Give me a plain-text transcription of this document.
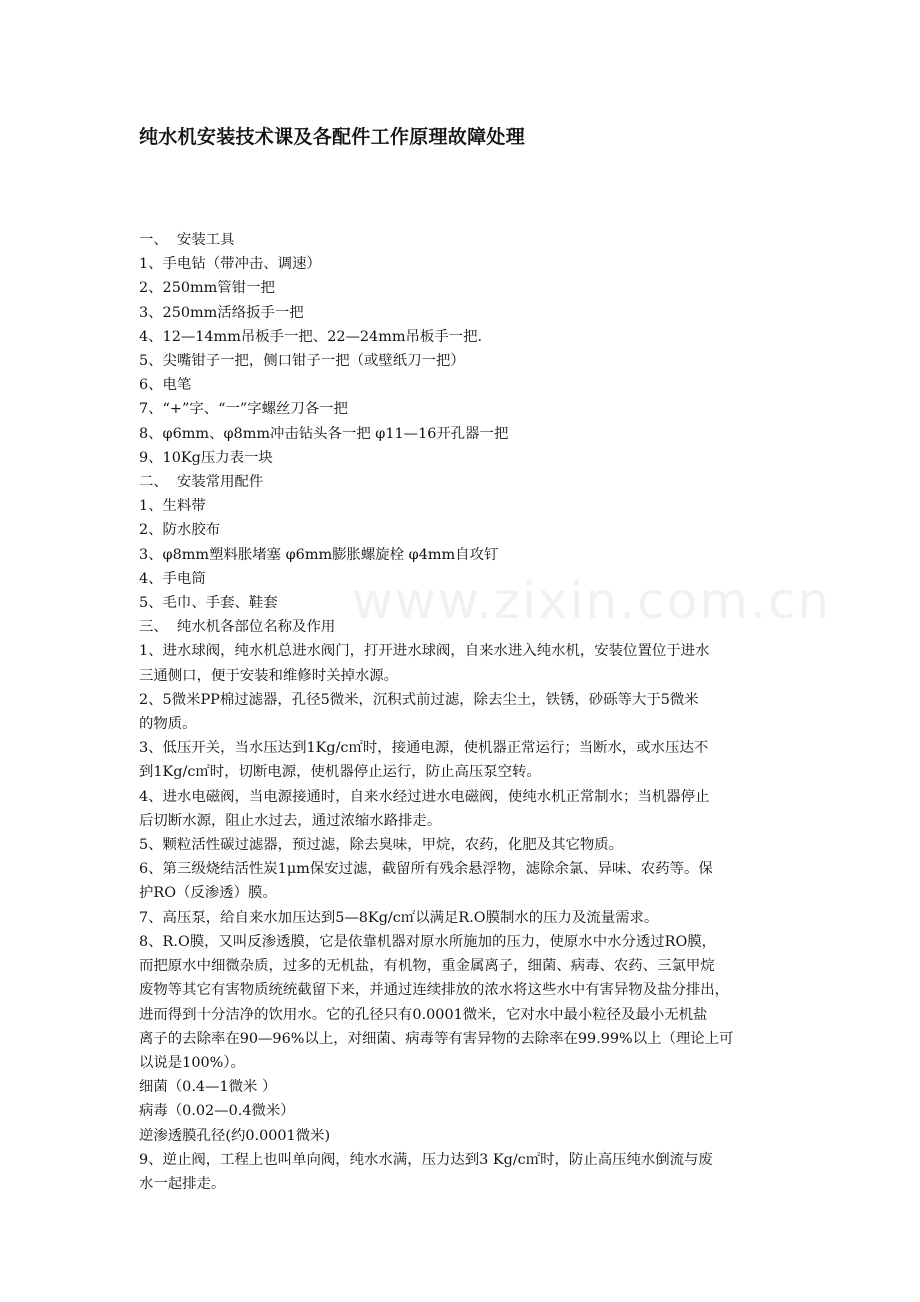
www.zixin.com.cn
纯水机安装技术课及各配件工作原理故障处理

一、  安装工具

1、手电钻（带冲击、调速）

2、250mm管钳一把

3、250mm活络扳手一把

4、12—14mm吊板手一把、22—24mm吊板手一把.

5、尖嘴钳子一把，侧口钳子一把（或壁纸刀一把）

6、电笔

7、“+”字、“一”字螺丝刀各一把

8、φ6mm、φ8mm冲击钻头各一把 φ11—16开孔器一把

9、10Kg压力表一块

二、  安装常用配件

1、生料带

2、防水胶布

3、φ8mm塑料胀堵塞 φ6mm膨胀螺旋栓 φ4mm自攻钉

4、手电筒

5、毛巾、手套、鞋套

三、  纯水机各部位名称及作用

1、进水球阀，纯水机总进水阀门，打开进水球阀，自来水进入纯水机，安装位置位于进水

三通侧口，便于安装和维修时关掉水源。

2、5微米PP棉过滤器，孔径5微米，沉积式前过滤，除去尘土，铁锈，砂砾等大于5微米

的物质。

3、低压开关，当水压达到1Kg/c㎡时，接通电源，使机器正常运行；当断水，或水压达不

到1Kg/c㎡时，切断电源，使机器停止运行，防止高压泵空转。

4、进水电磁阀，当电源接通时，自来水经过进水电磁阀，使纯水机正常制水；当机器停止

后切断水源，阻止水过去，通过浓缩水路排走。

5、颗粒活性碳过滤器，预过滤，除去臭味，甲烷，农药，化肥及其它物质。

6、第三级烧结活性炭1μm保安过滤，截留所有残余悬浮物，滤除余氯、异味、农药等。保

护RO（反渗透）膜。

7、高压泵，给自来水加压达到5—8Kg/c㎡以满足R.O膜制水的压力及流量需求。

8、R.O膜，又叫反渗透膜，它是依靠机器对原水所施加的压力，使原水中水分透过RO膜，

而把原水中细微杂质，过多的无机盐，有机物，重金属离子，细菌、病毒、农药、三氯甲烷

废物等其它有害物质统统截留下来，并通过连续排放的浓水将这些水中有害异物及盐分排出，

进而得到十分洁净的饮用水。它的孔径只有0.0001微米，它对水中最小粒径及最小无机盐

离子的去除率在90—96%以上，对细菌、病毒等有害异物的去除率在99.99%以上（理论上可

以说是100%）。

细菌（0.4—1微米 ）

病毒（0.02—0.4微米）

逆渗透膜孔径(约0.0001微米)

9、逆止阀，工程上也叫单向阀，纯水水满，压力达到3 Kg/c㎡时，防止高压纯水倒流与废

水一起排走。
